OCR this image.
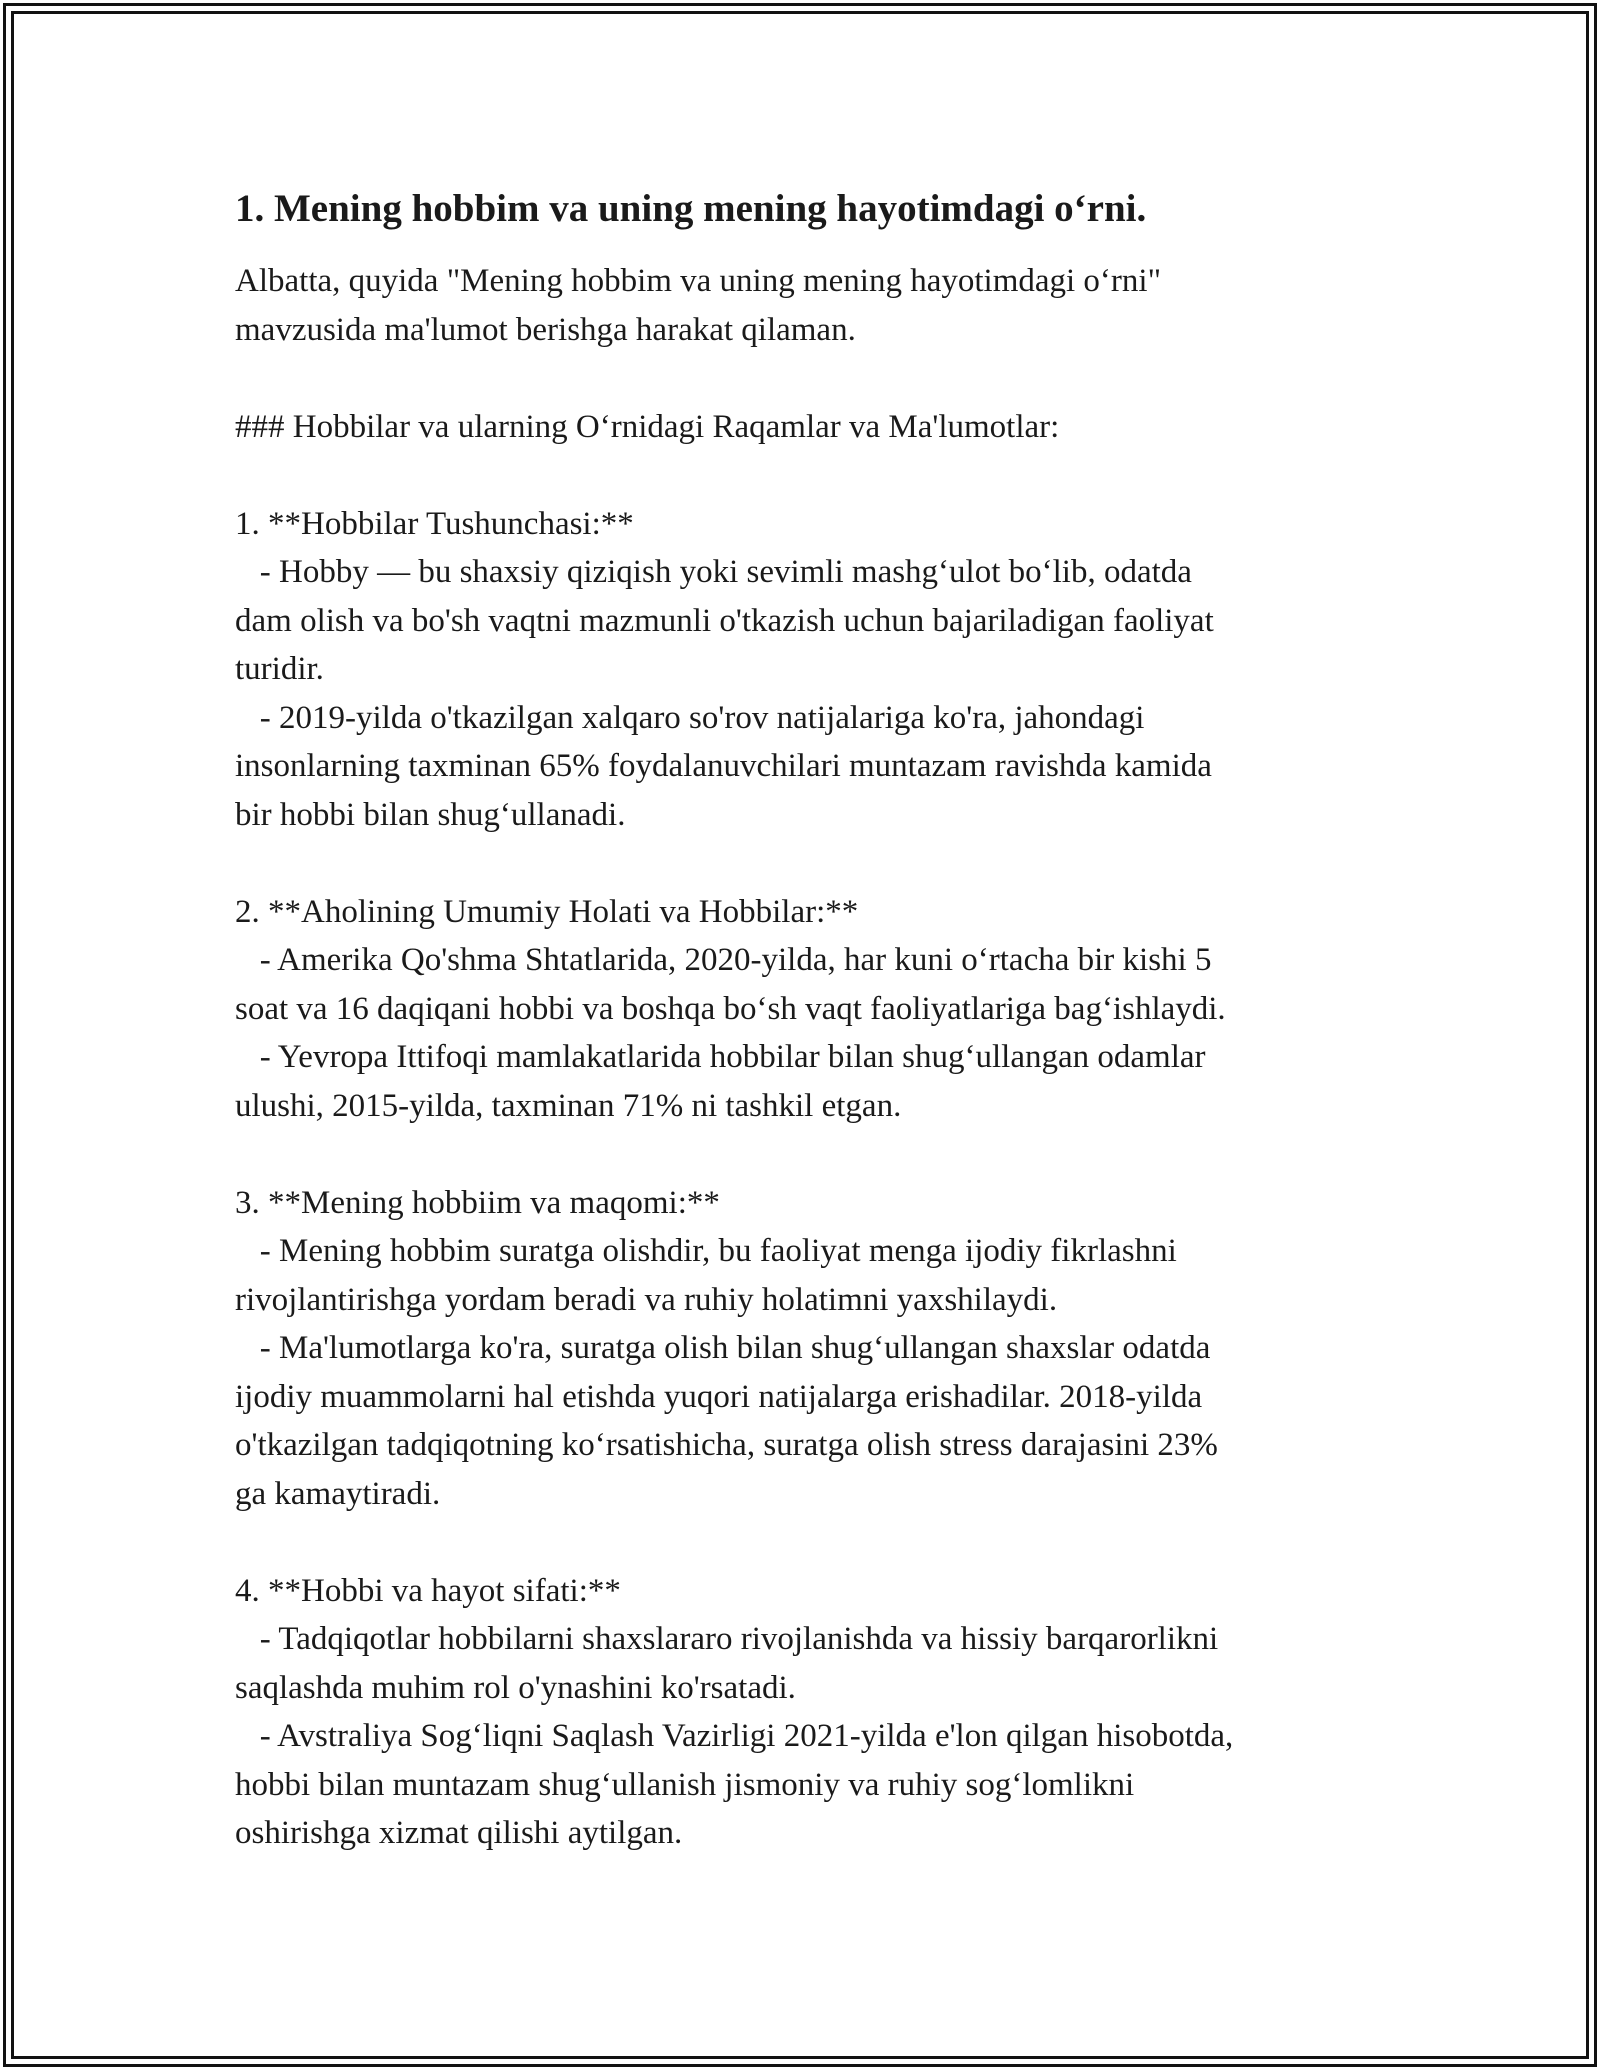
1. Mening hobbim va uning mening hayotimdagi o‘rni.

Albatta, quyida "Mening hobbim va uning mening hayotimdagi o‘rni"
mavzusida ma'lumot berishga harakat qilaman.

### Hobbilar va ularning O‘rnidagi Raqamlar va Ma'lumotlar:

1. **Hobbilar Tushunchasi:**

- Hobby — bu shaxsiy qiziqish yoki sevimli mashg‘ulot bo‘lib, odatda
dam olish va bo'sh vaqtni mazmunli o'tkazish uchun bajariladigan faoliyat
turidir.

- 2019-yilda o'tkazilgan xalqaro so'rov natijalariga ko'ra, jahondagi
insonlarning taxminan 65% foydalanuvchilari muntazam ravishda kamida
bir hobbi bilan shug‘ullanadi.

2. **Aholining Umumiy Holati va Hobbilar:**

- Amerika Qo'shma Shtatlarida, 2020-yilda, har kuni o‘rtacha bir kishi 5
soat va 16 daqiqani hobbi va boshqa bo‘sh vaqt faoliyatlariga bag‘ishlaydi.

- Yevropa Ittifoqi mamlakatlarida hobbilar bilan shug‘ullangan odamlar
ulushi, 2015-yilda, taxminan 71% ni tashkil etgan.

3. **Mening hobbiim va maqomi:**

- Mening hobbim suratga olishdir, bu faoliyat menga ijodiy fikrlashni
rivojlantirishga yordam beradi va ruhiy holatimni yaxshilaydi.

- Ma'lumotlarga ko'ra, suratga olish bilan shug‘ullangan shaxslar odatda
ijodiy muammolarni hal etishda yuqori natijalarga erishadilar. 2018-yilda
o'tkazilgan tadqiqotning ko‘rsatishicha, suratga olish stress darajasini 23%
ga kamaytiradi.

4. **Hobbi va hayot sifati:**

- Tadqiqotlar hobbilarni shaxslararo rivojlanishda va hissiy barqarorlikni
saqlashda muhim rol o'ynashini ko'rsatadi.

- Avstraliya Sog‘liqni Saqlash Vazirligi 2021-yilda e'lon qilgan hisobotda,
hobbi bilan muntazam shug‘ullanish jismoniy va ruhiy sog‘lomlikni
oshirishga xizmat qilishi aytilgan.
